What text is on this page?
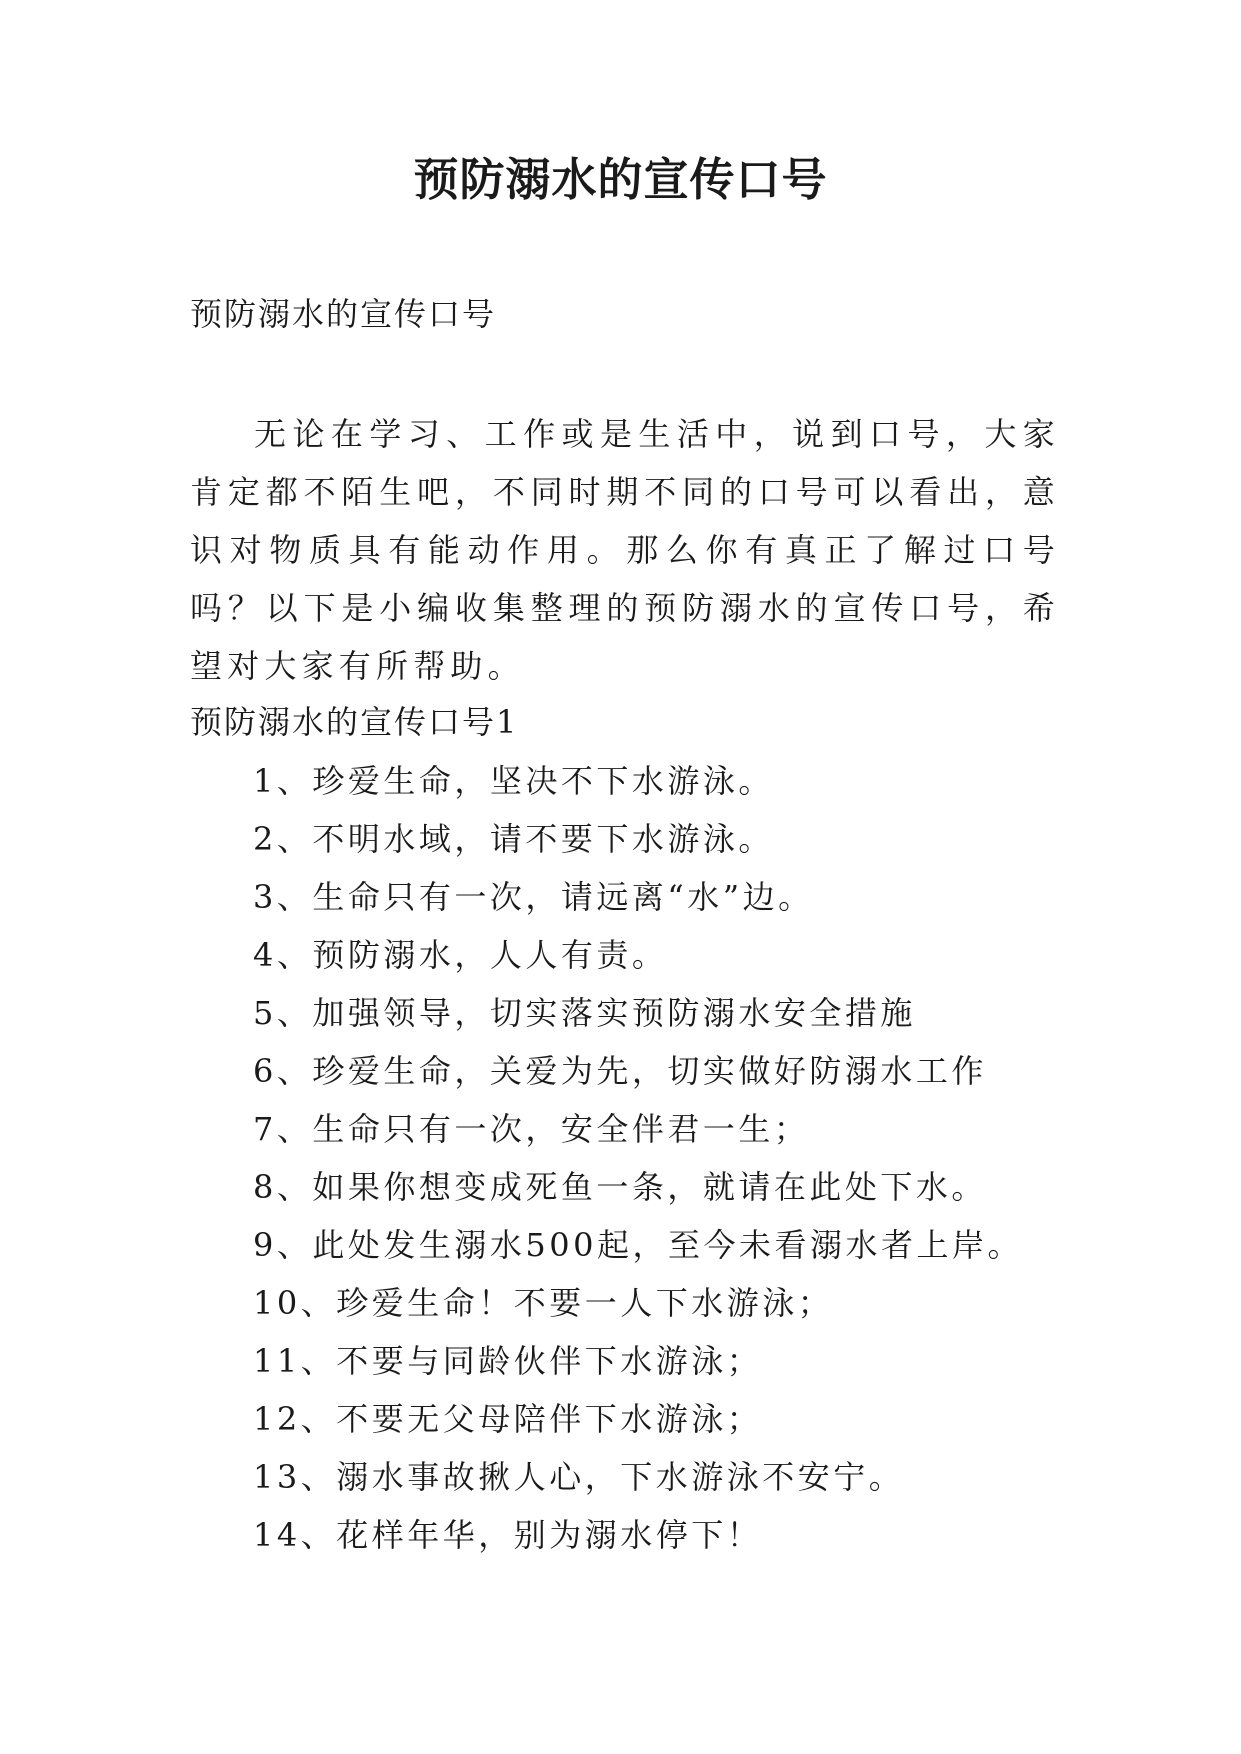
预防溺水的宣传口号
预防溺水的宣传口号

无论在学习、工作或是生活中，说到口号，大家肯定都不陌生吧，不同时期不同的口号可以看出，意识对物质具有能动作用。那么你有真正了解过口号吗？以下是小编收集整理的预防溺水的宣传口号，希望对大家有所帮助。

预防溺水的宣传口号1
1、珍爱生命，坚决不下水游泳。
2、不明水域，请不要下水游泳。
3、生命只有一次，请远离“水”边。
4、预防溺水，人人有责。
5、加强领导，切实落实预防溺水安全措施
6、珍爱生命，关爱为先，切实做好防溺水工作
7、生命只有一次，安全伴君一生；
8、如果你想变成死鱼一条，就请在此处下水。
9、此处发生溺水500起，至今未看溺水者上岸。
10、珍爱生命！不要一人下水游泳；
11、不要与同龄伙伴下水游泳；
12、不要无父母陪伴下水游泳；
13、溺水事故揪人心，下水游泳不安宁。
14、花样年华，别为溺水停下！
